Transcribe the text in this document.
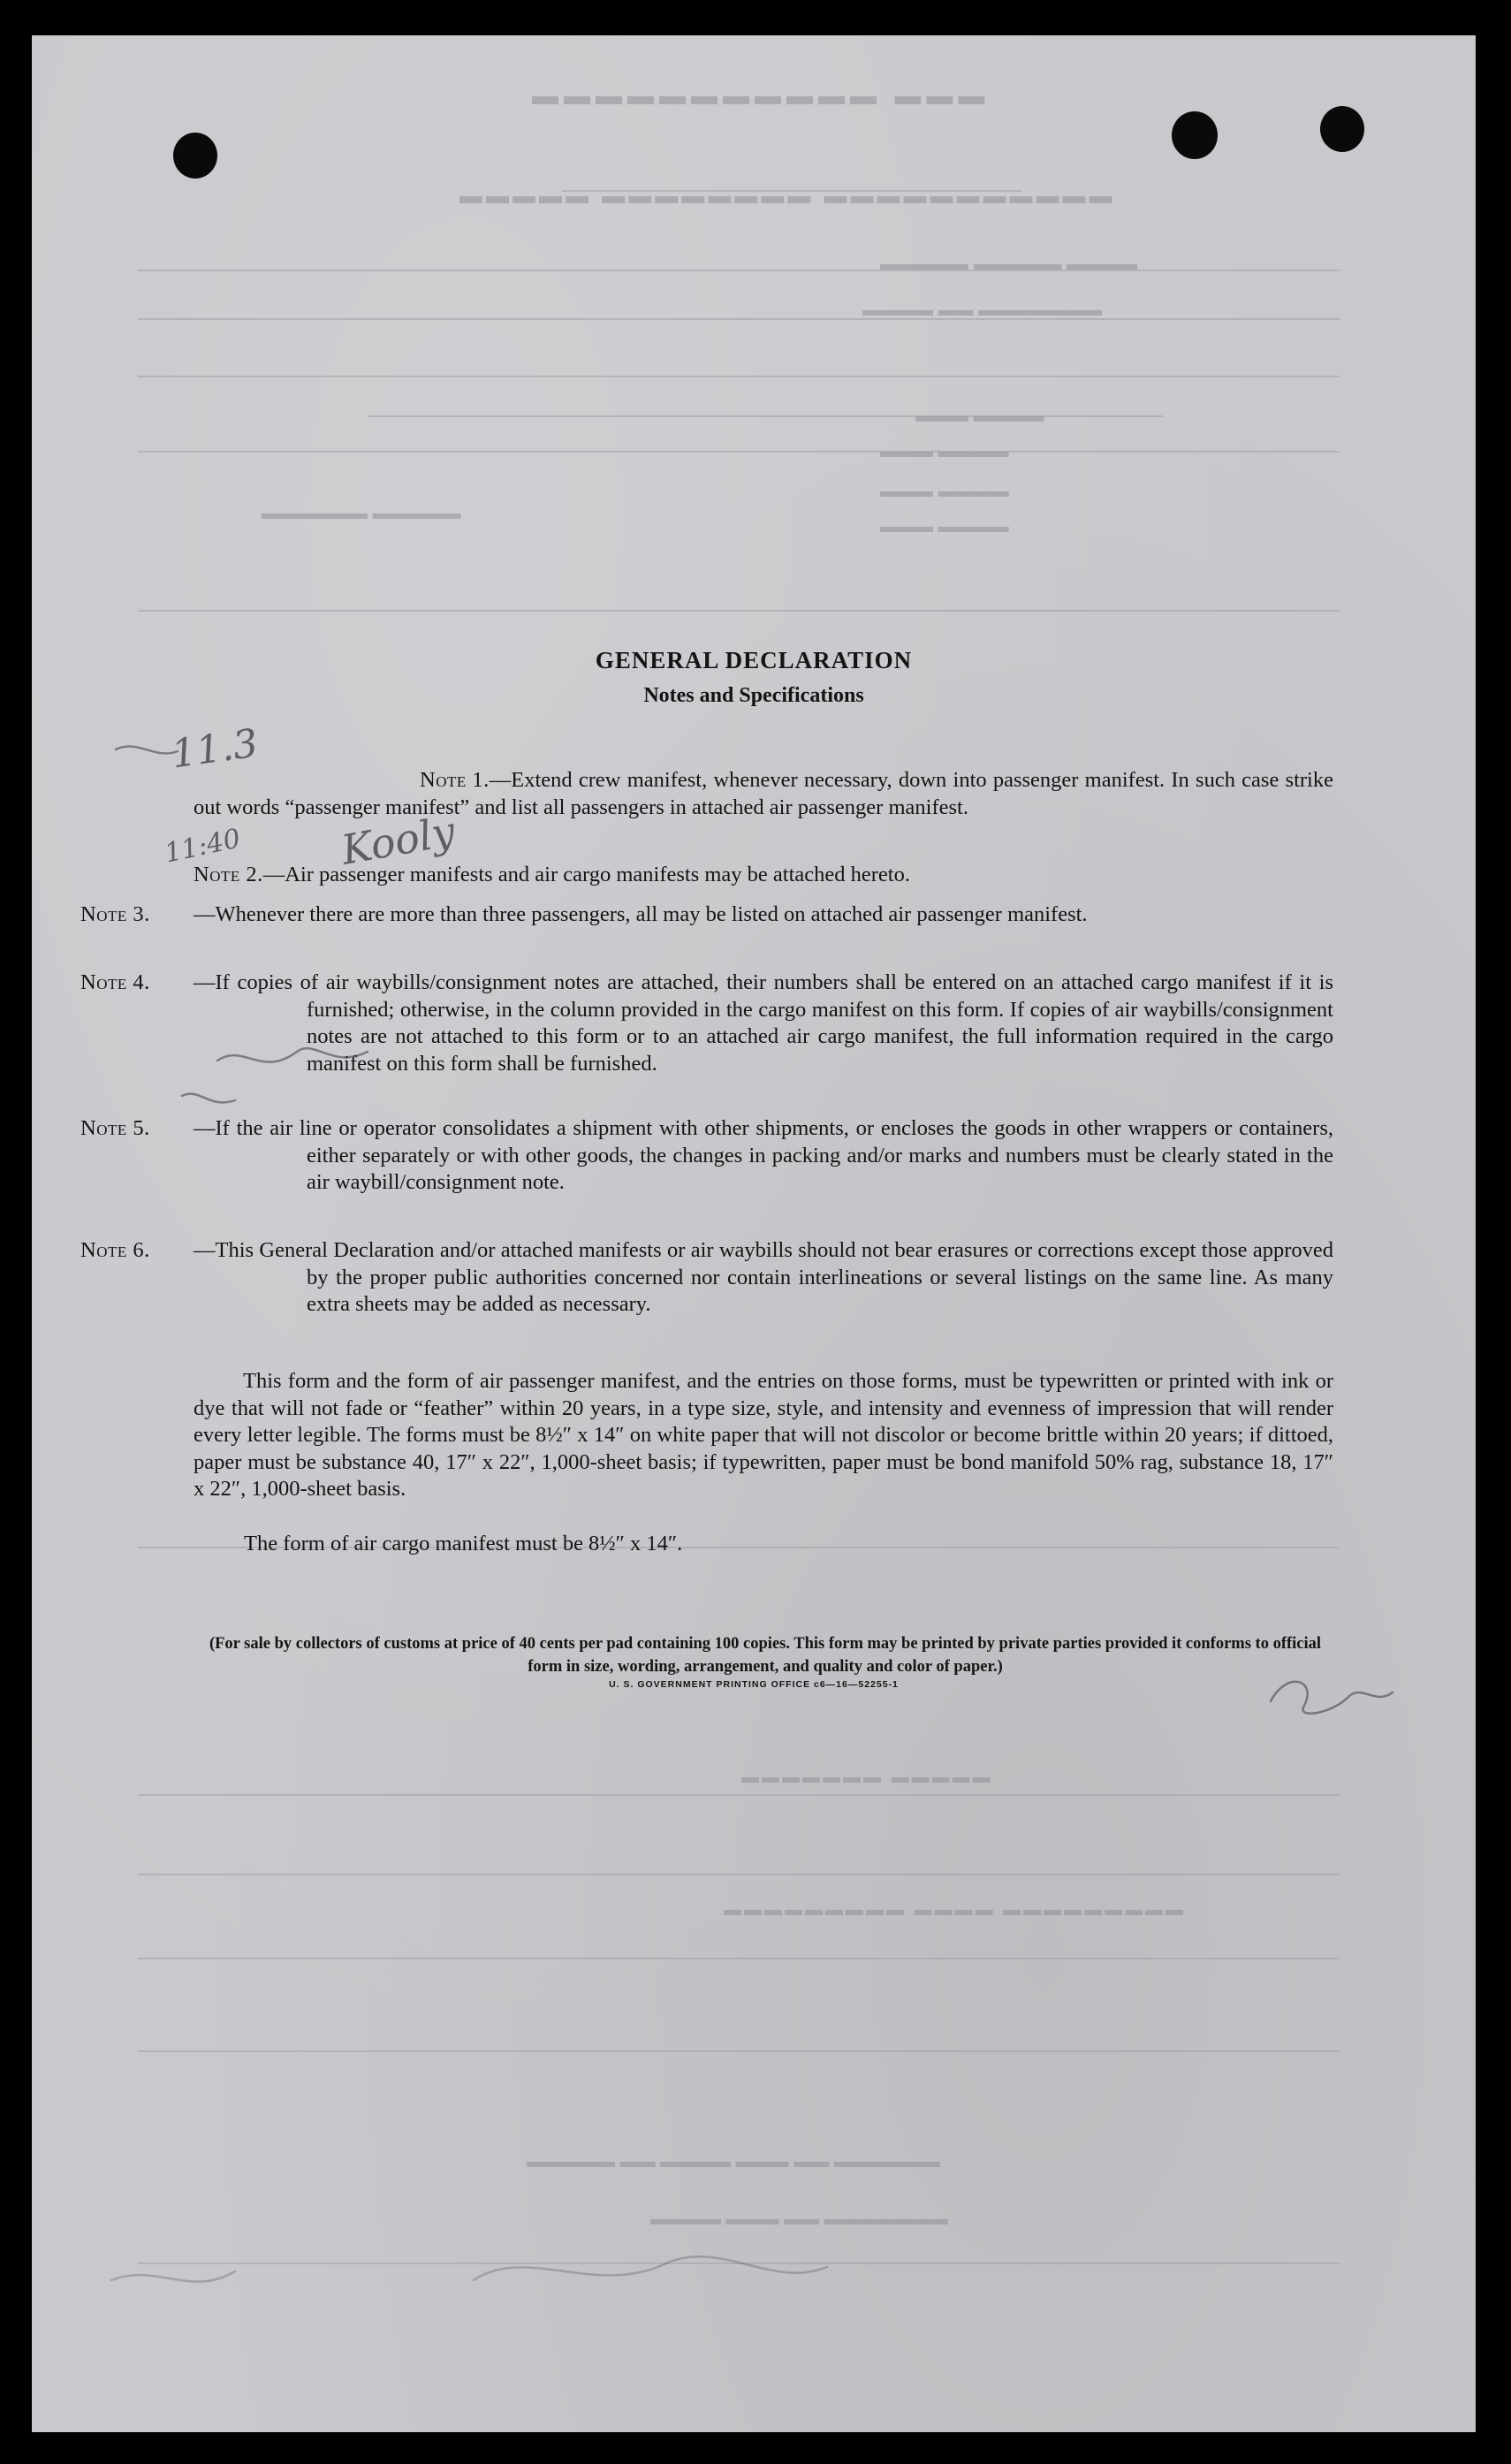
▬▬▬ ▬▬▬▬▬▬▬▬▬▬▬
▬▬▬▬▬▬▬▬▬▬▬ ▬▬▬▬▬▬▬▬ ▬▬▬▬▬
▬▬▬▬ ▬▬▬▬▬ ▬▬▬▬▬
▬▬▬▬▬▬▬ ▬▬ ▬▬▬▬
▬▬▬▬ ▬▬▬
▬▬▬▬ ▬▬▬
▬▬▬▬ ▬▬▬
▬▬▬▬ ▬▬▬
▬▬▬▬▬ ▬▬▬▬▬▬
▬▬▬▬▬ ▬▬▬▬▬▬▬
▬▬▬▬▬▬▬▬▬ ▬▬▬▬ ▬▬▬▬▬▬▬▬▬
▬▬▬▬▬▬ ▬▬ ▬▬▬ ▬▬▬▬ ▬▬ ▬▬▬▬▬
▬▬▬▬▬▬▬ ▬▬ ▬▬▬ ▬▬▬▬
GENERAL DECLARATION
Notes and Specifications
Note 1.—Extend crew manifest, whenever necessary, down into passenger manifest. In such case strike out words “passenger manifest” and list all passengers in attached air passenger manifest.
Note 2.—Air passenger manifests and air cargo manifests may be attached hereto.
Note 3. —Whenever there are more than three passengers, all may be listed on attached air passenger manifest.
Note 4. —If copies of air waybills/consignment notes are attached, their numbers shall be entered on an attached cargo manifest if it is furnished; otherwise, in the column provided in the cargo manifest on this form. If copies of air waybills/consignment notes are not attached to this form or to an attached air cargo manifest, the full information required in the cargo manifest on this form shall be furnished.
Note 5. —If the air line or operator consolidates a shipment with other shipments, or encloses the goods in other wrappers or containers, either separately or with other goods, the changes in packing and/or marks and numbers must be clearly stated in the air waybill/consignment note.
Note 6. —This General Declaration and/or attached manifests or air waybills should not bear erasures or corrections except those approved by the proper public authorities concerned nor contain interlineations or several listings on the same line. As many extra sheets may be added as necessary.
This form and the form of air passenger manifest, and the entries on those forms, must be typewritten or printed with ink or dye that will not fade or “feather” within 20 years, in a type size, style, and intensity and evenness of impression that will render every letter legible. The forms must be 8½″ x 14″ on white paper that will not discolor or become brittle within 20 years; if dittoed, paper must be substance 40, 17″ x 22″, 1,000-sheet basis; if typewritten, paper must be bond manifold 50% rag, substance 18, 17″ x 22″, 1,000-sheet basis.
The form of air cargo manifest must be 8½″ x 14″.
(For sale by collectors of customs at price of 40 cents per pad containing 100 copies. This form may be printed by private parties provided it conforms to official form in size, wording, arrangement, and quality and color of paper.)
U. S. GOVERNMENT PRINTING OFFICE c6—16—52255-1
11.3
11:40 Kooly
